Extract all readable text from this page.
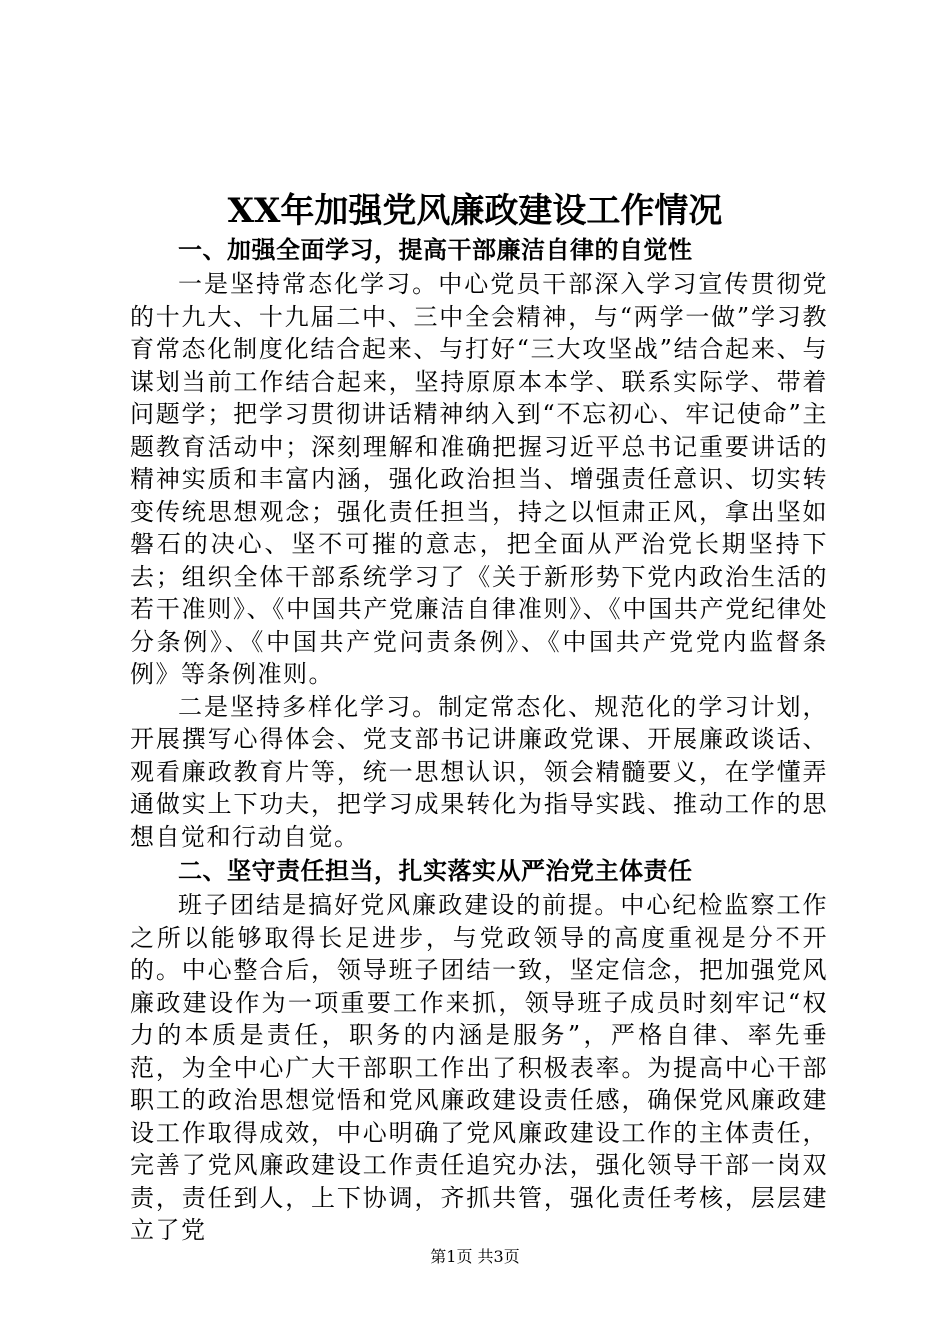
XX年加强党风廉政建设工作情况

一、加强全面学习，提高干部廉洁自律的自觉性

一是坚持常态化学习。中心党员干部深入学习宣传贯彻党的十九大、十九届二中、三中全会精神，与“两学一做”学习教育常态化制度化结合起来、与打好“三大攻坚战”结合起来、与谋划当前工作结合起来，坚持原原本本学、联系实际学、带着问题学；把学习贯彻讲话精神纳入到“不忘初心、牢记使命”主题教育活动中；深刻理解和准确把握习近平总书记重要讲话的精神实质和丰富内涵，强化政治担当、增强责任意识、切实转变传统思想观念；强化责任担当，持之以恒肃正风，拿出坚如磐石的决心、坚不可摧的意志，把全面从严治党长期坚持下去；组织全体干部系统学习了《关于新形势下党内政治生活的若干准则》、《中国共产党廉洁自律准则》、《中国共产党纪律处分条例》、《中国共产党问责条例》、《中国共产党党内监督条例》等条例准则。

二是坚持多样化学习。制定常态化、规范化的学习计划，开展撰写心得体会、党支部书记讲廉政党课、开展廉政谈话、观看廉政教育片等，统一思想认识，领会精髓要义，在学懂弄通做实上下功夫，把学习成果转化为指导实践、推动工作的思想自觉和行动自觉。

二、坚守责任担当，扎实落实从严治党主体责任

班子团结是搞好党风廉政建设的前提。中心纪检监察工作之所以能够取得长足进步，与党政领导的高度重视是分不开的。中心整合后，领导班子团结一致，坚定信念，把加强党风廉政建设作为一项重要工作来抓，领导班子成员时刻牢记“权力的本质是责任，职务的内涵是服务”，严格自律、率先垂范，为全中心广大干部职工作出了积极表率。为提高中心干部职工的政治思想觉悟和党风廉政建设责任感，确保党风廉政建设工作取得成效，中心明确了党风廉政建设工作的主体责任，完善了党风廉政建设工作责任追究办法，强化领导干部一岗双责，责任到人，上下协调，齐抓共管，强化责任考核，层层建立了党

第1页 共3页
